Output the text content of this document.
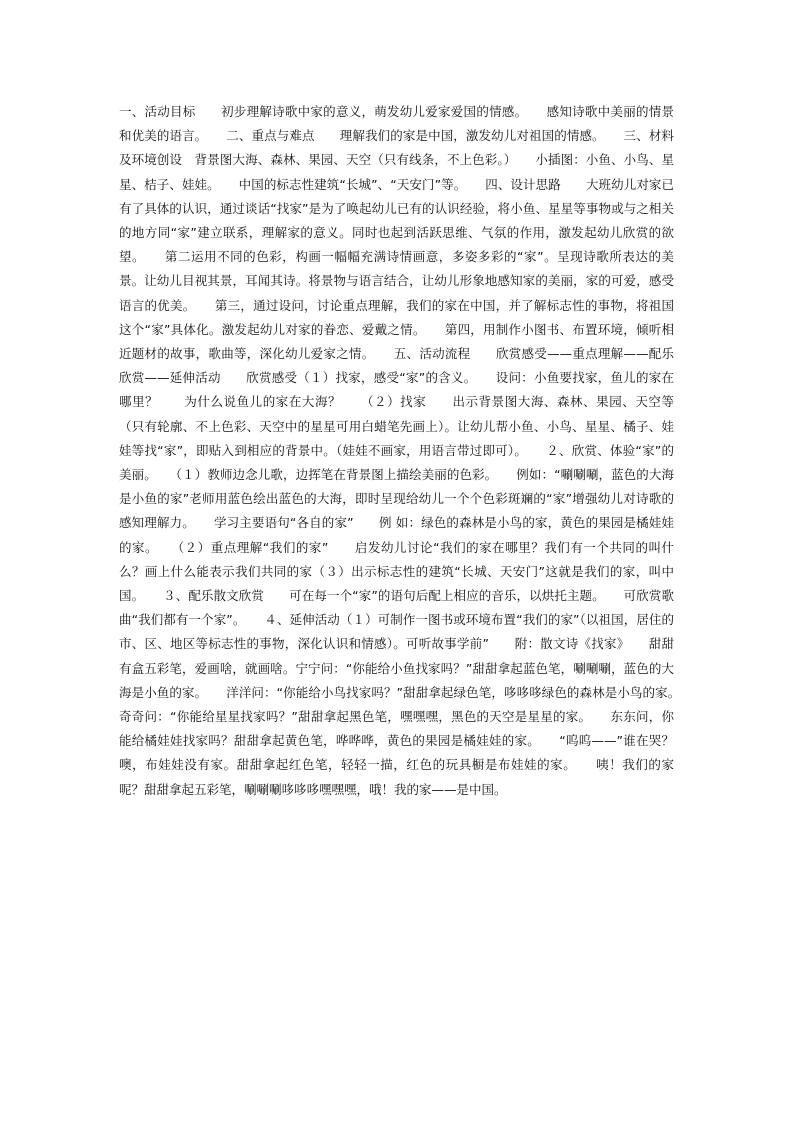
一、活动目标　　初步理解诗歌中家的意义，萌发幼儿爱家爱国的情感。　　感知诗歌中美丽的情景和优美的语言。　　二、重点与难点　　理解我们的家是中国，激发幼儿对祖国的情感。　　三、材料及环境创设　背景图大海、森林、果园、天空（只有线条，不上色彩。）　　小插图：小鱼、小鸟、星星、桔子、娃娃。　　中国的标志性建筑“长城”、“天安门”等。　　四、设计思路　　大班幼儿对家已有了具体的认识，通过谈话“找家”是为了唤起幼儿已有的认识经验，将小鱼、星星等事物或与之相关的地方同“家”建立联系，理解家的意义。同时也起到活跃思维、气氛的作用，激发起幼儿欣赏的欲望。　　第二运用不同的色彩，构画一幅幅充满诗情画意，多姿多彩的“家”。呈现诗歌所表达的美景。让幼儿目视其景，耳闻其诗。将景物与语言结合，让幼儿形象地感知家的美丽，家的可爱，感受语言的优美。　　第三，通过设问，讨论重点理解，我们的家在中国，并了解标志性的事物，将祖国这个“家”具体化。激发起幼儿对家的眷恋、爱戴之情。　　第四，用制作小图书、布置环境，倾听相近题材的故事，歌曲等，深化幼儿爱家之情。　　五、活动流程　　欣赏感受——重点理解——配乐欣赏——延伸活动　　欣赏感受（１）找家，感受“家”的含义。　　设问：小鱼要找家，鱼儿的家在哪里？　　为什么说鱼儿的家在大海？　　（２）找家　　出示背景图大海、森林、果园、天空等（只有轮廓、不上色彩、天空中的星星可用白蜡笔先画上）。让幼儿帮小鱼、小鸟、星星、橘子、娃娃等找“家”，即贴入到相应的背景中。（娃娃不画家，用语言带过即可）。　　２、欣赏、体验“家”的美丽。　　（１）教师边念儿歌，边挥笔在背景图上描绘美丽的色彩。　　例如：“唰唰唰，蓝色的大海是小鱼的家”老师用蓝色绘出蓝色的大海，即时呈现给幼儿一个个色彩斑斓的“家”增强幼儿对诗歌的感知理解力。　　学习主要语句“各自的家”　　例 如：绿色的森林是小鸟的家，黄色的果园是橘娃娃的家。　　（２）重点理解“我们的家”　　启发幼儿讨论“我们的家在哪里？我们有一个共同的叫什么？画上什么能表示我们共同的家（３）出示标志性的建筑“长城、天安门”这就是我们的家，叫中国。　　３、配乐散文欣赏　　可在每一个“家”的语句后配上相应的音乐，以烘托主题。　　可欣赏歌曲“我们都有一个家”。　　４、延伸活动（１）可制作一图书或环境布置“我们的家”（以祖国，居住的市、区、地区等标志性的事物，深化认识和情感）。可听故事学前”　　附：散文诗《找家》　　甜甜有盒五彩笔，爱画啥，就画啥。宁宁问：“你能给小鱼找家吗？”甜甜拿起蓝色笔，唰唰唰，蓝色的大海是小鱼的家。　　洋洋问：“你能给小鸟找家吗？”甜甜拿起绿色笔，哆哆哆绿色的森林是小鸟的家。　　奇奇问：“你能给星星找家吗？”甜甜拿起黑色笔，嘿嘿嘿，黑色的天空是星星的家。　　东东问，你能给橘娃娃找家吗？甜甜拿起黄色笔，哗哗哗，黄色的果园是橘娃娃的家。　　“呜呜——”谁在哭？噢，布娃娃没有家。甜甜拿起红色笔，轻轻一描，红色的玩具橱是布娃娃的家。　　咦！我们的家呢？甜甜拿起五彩笔，唰唰唰哆哆哆嘿嘿嘿，哦！我的家——是中国。
